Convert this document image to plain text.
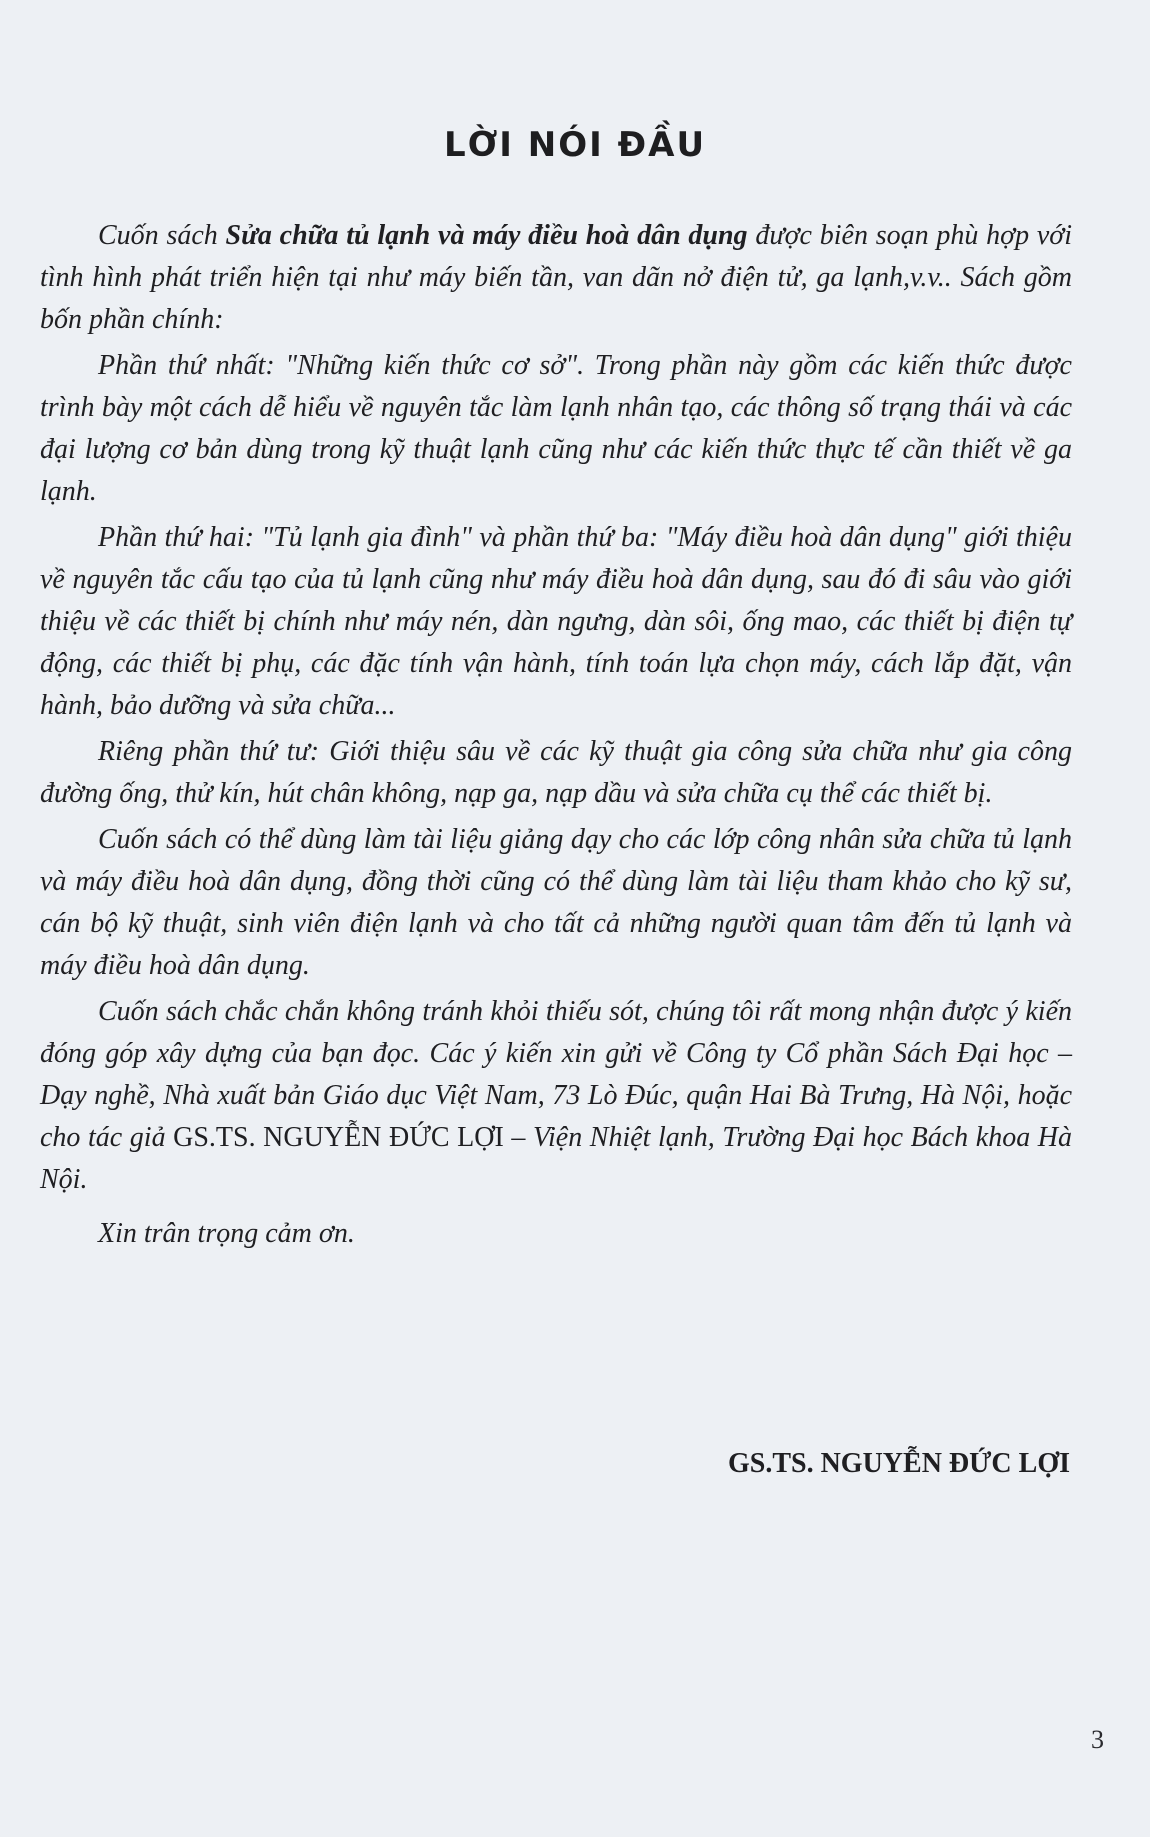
LỜI NÓI ĐẦU

Cuốn sách Sửa chữa tủ lạnh và máy điều hoà dân dụng được biên soạn phù hợp với tình hình phát triển hiện tại như máy biến tần, van dãn nở điện tử, ga lạnh,v.v.. Sách gồm bốn phần chính:

Phần thứ nhất: "Những kiến thức cơ sở". Trong phần này gồm các kiến thức được trình bày một cách dễ hiểu về nguyên tắc làm lạnh nhân tạo, các thông số trạng thái và các đại lượng cơ bản dùng trong kỹ thuật lạnh cũng như các kiến thức thực tế cần thiết về ga lạnh.

Phần thứ hai: "Tủ lạnh gia đình" và phần thứ ba: "Máy điều hoà dân dụng" giới thiệu về nguyên tắc cấu tạo của tủ lạnh cũng như máy điều hoà dân dụng, sau đó đi sâu vào giới thiệu về các thiết bị chính như máy nén, dàn ngưng, dàn sôi, ống mao, các thiết bị điện tự động, các thiết bị phụ, các đặc tính vận hành, tính toán lựa chọn máy, cách lắp đặt, vận hành, bảo dưỡng và sửa chữa...

Riêng phần thứ tư: Giới thiệu sâu về các kỹ thuật gia công sửa chữa như gia công đường ống, thử kín, hút chân không, nạp ga, nạp dầu và sửa chữa cụ thể các thiết bị.

Cuốn sách có thể dùng làm tài liệu giảng dạy cho các lớp công nhân sửa chữa tủ lạnh và máy điều hoà dân dụng, đồng thời cũng có thể dùng làm tài liệu tham khảo cho kỹ sư, cán bộ kỹ thuật, sinh viên điện lạnh và cho tất cả những người quan tâm đến tủ lạnh và máy điều hoà dân dụng.

Cuốn sách chắc chắn không tránh khỏi thiếu sót, chúng tôi rất mong nhận được ý kiến đóng góp xây dựng của bạn đọc. Các ý kiến xin gửi về Công ty Cổ phần Sách Đại học – Dạy nghề, Nhà xuất bản Giáo dục Việt Nam, 73 Lò Đúc, quận Hai Bà Trưng, Hà Nội, hoặc cho tác giả GS.TS. NGUYỄN ĐỨC LỢI – Viện Nhiệt lạnh, Trường Đại học Bách khoa Hà Nội.

Xin trân trọng cảm ơn.

GS.TS. NGUYỄN ĐỨC LỢI
3
